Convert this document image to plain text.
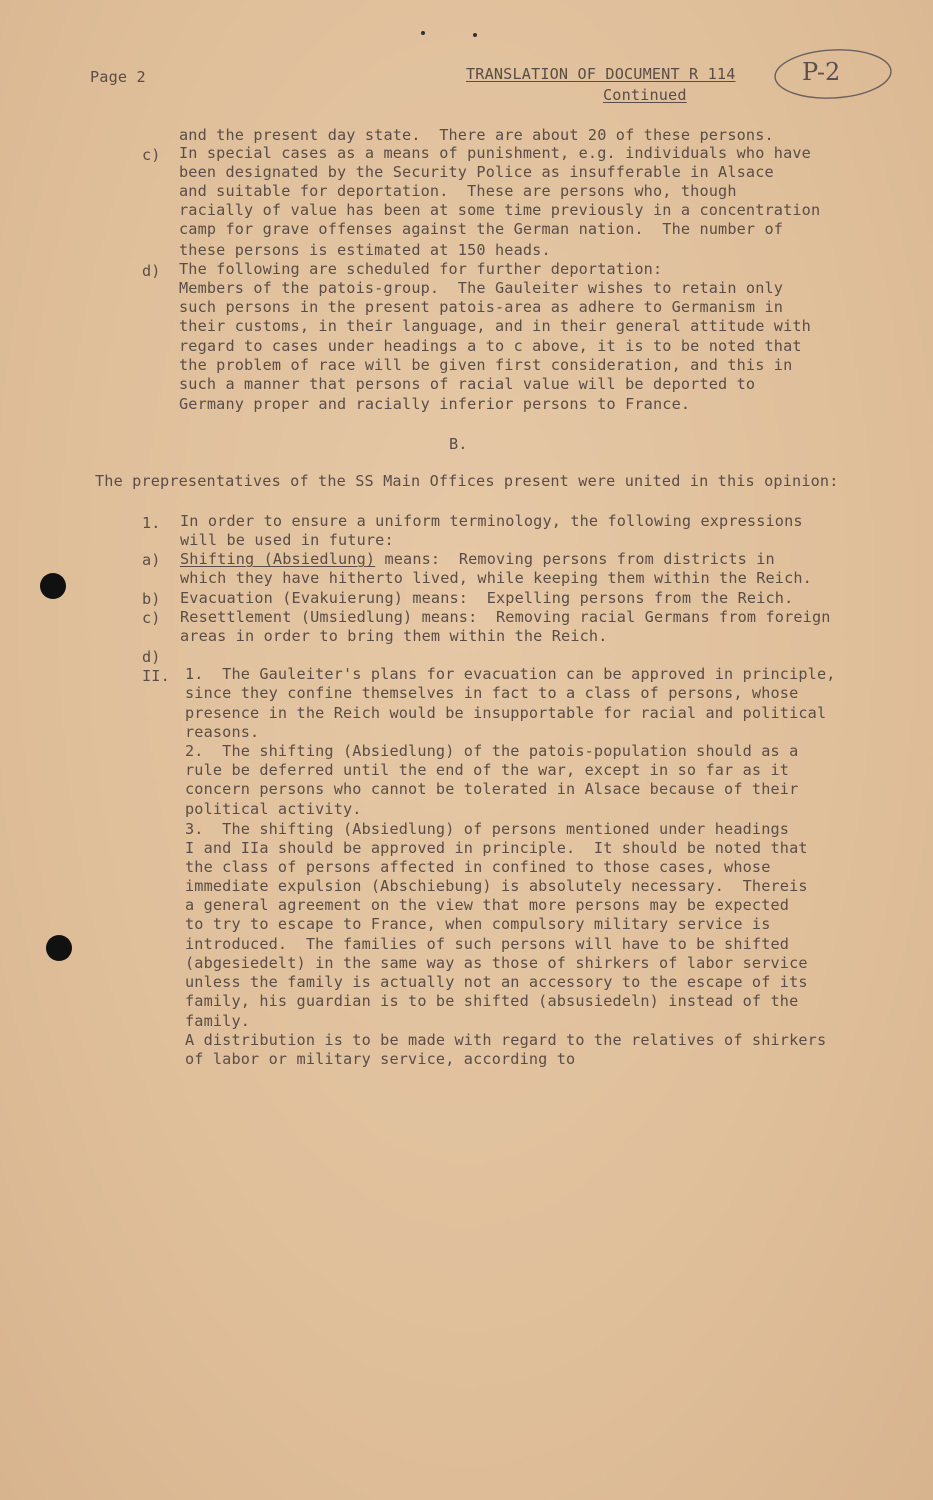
Page 2	TRANSLATION OF DOCUMENT R 114
Continued
P-2
and the present day state.  There are about 20 of these persons.
c) In special cases as a means of punishment, e.g. individuals who have
been designated by the Security Police as insufferable in Alsace
and suitable for deportation.  These are persons who, though
racially of value has been at some time previously in a concentration
camp for grave offenses against the German nation.  The number of
these persons is estimated at 150 heads.
d) The following are scheduled for further deportation:
Members of the patois-group.  The Gauleiter wishes to retain only
such persons in the present patois-area as adhere to Germanism in
their customs, in their language, and in their general attitude with
regard to cases under headings a to c above, it is to be noted that
the problem of race will be given first consideration, and this in
such a manner that persons of racial value will be deported to
Germany proper and racially inferior persons to France.
B.
The prepresentatives of the SS Main Offices present were united in this opinion:
1. In order to ensure a uniform terminology, the following expressions
will be used in future:
a) Shifting (Absiedlung) means:  Removing persons from districts in
which they have hitherto lived, while keeping them within the Reich.
b) Evacuation (Evakuierung) means:  Expelling persons from the Reich.
c) Resettlement (Umsiedlung) means:  Removing racial Germans from foreign
areas in order to bring them within the Reich.
d)
II. 1.  The Gauleiter's plans for evacuation can be approved in principle,
since they confine themselves in fact to a class of persons, whose
presence in the Reich would be insupportable for racial and political
reasons.
2.  The shifting (Absiedlung) of the patois-population should as a
rule be deferred until the end of the war, except in so far as it
concern persons who cannot be tolerated in Alsace because of their
political activity.
3.  The shifting (Absiedlung) of persons mentioned under headings
I and IIa should be approved in principle.  It should be noted that
the class of persons affected in confined to those cases, whose
immediate expulsion (Abschiebung) is absolutely necessary.  Thereis
a general agreement on the view that more persons may be expected
to try to escape to France, when compulsory military service is
introduced.  The families of such persons will have to be shifted
(abgesiedelt) in the same way as those of shirkers of labor service
unless the family is actually not an accessory to the escape of its
family, his guardian is to be shifted (absusiedeln) instead of the
family.
A distribution is to be made with regard to the relatives of shirkers
of labor or military service, according to
